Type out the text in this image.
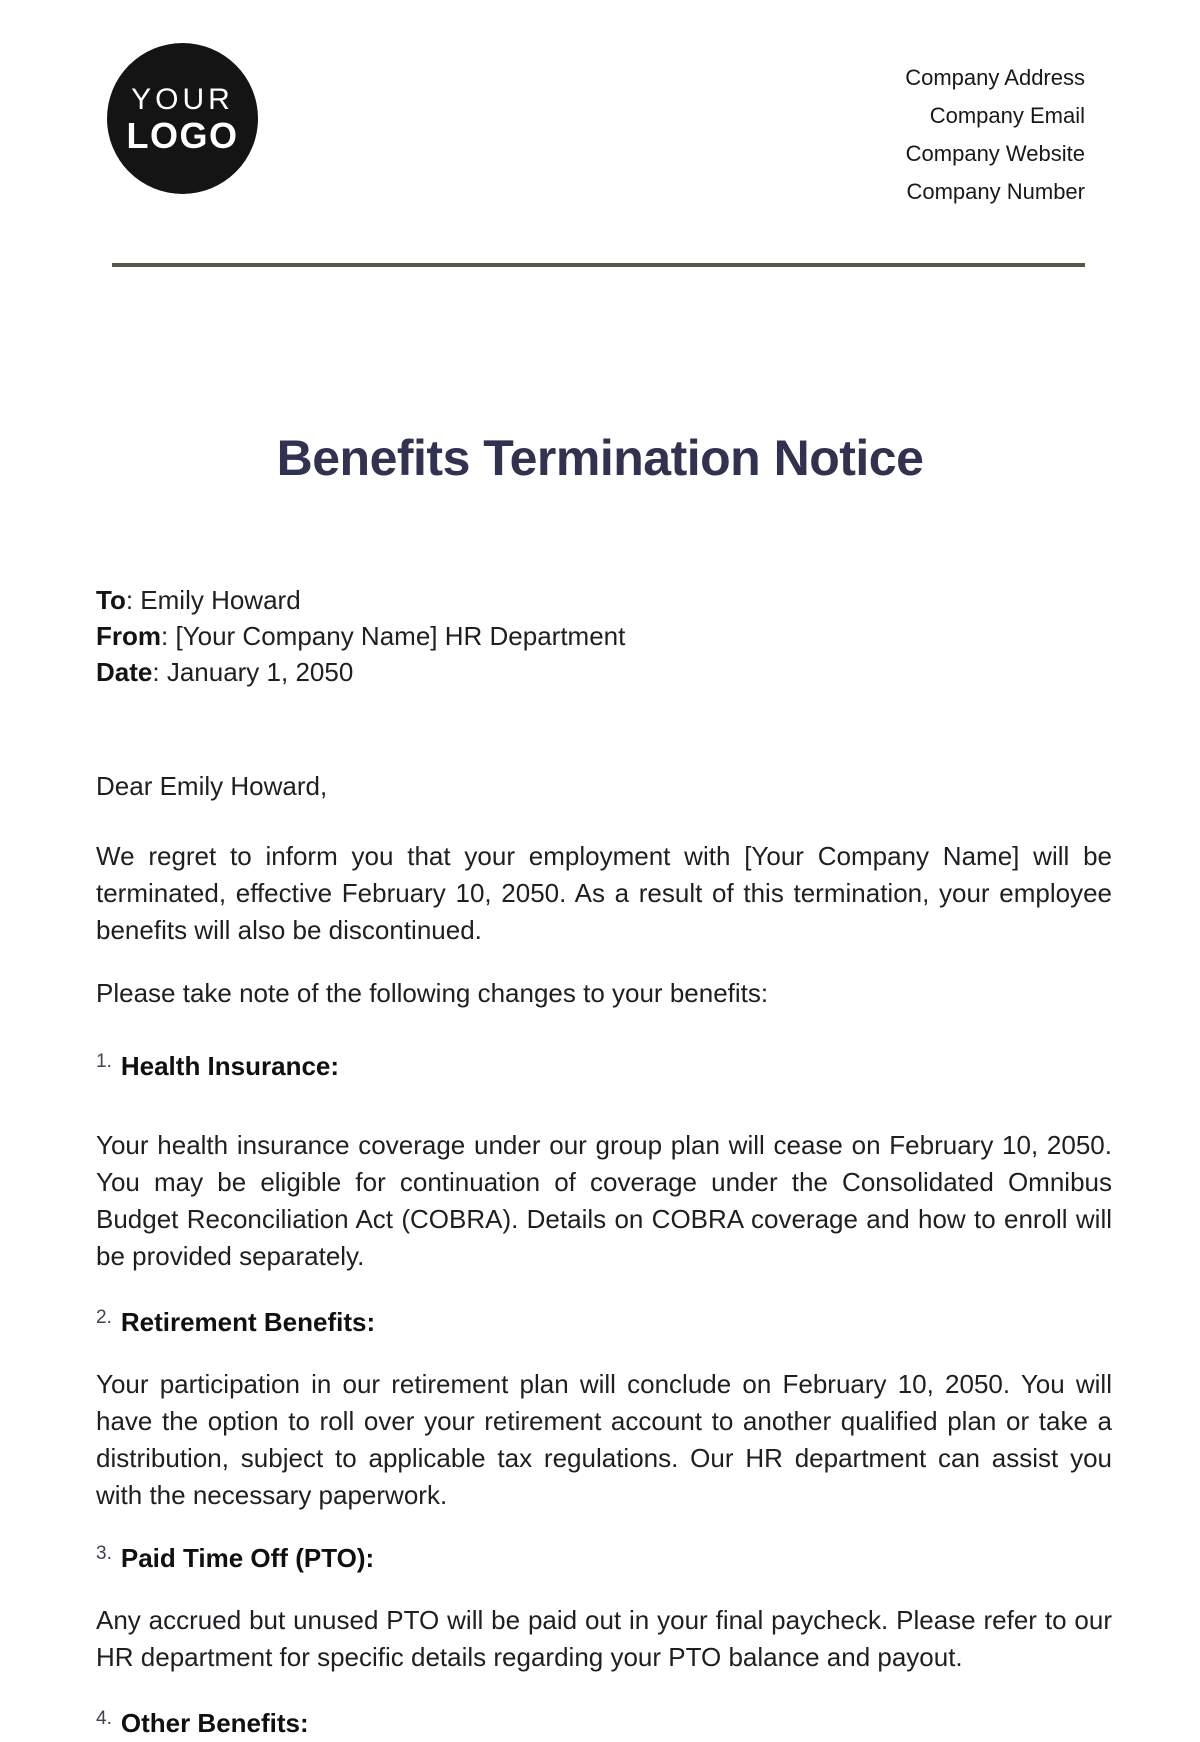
YOUR
LOGO
Company Address
Company Email
Company Website
Company Number
Benefits Termination Notice
To: Emily Howard
From: [Your Company Name] HR Department
Date: January 1, 2050
Dear Emily Howard,

We regret to inform you that your employment with [Your Company Name] will be terminated, effective February 10, 2050. As a result of this termination, your employee benefits will also be discontinued.

Please take note of the following changes to your benefits:

$^{1.}$ Health Insurance:

Your health insurance coverage under our group plan will cease on February 10, 2050. You may be eligible for continuation of coverage under the Consolidated Omnibus Budget Reconciliation Act (COBRA). Details on COBRA coverage and how to enroll will be provided separately.

$^{2.}$ Retirement Benefits:

Your participation in our retirement plan will conclude on February 10, 2050. You will have the option to roll over your retirement account to another qualified plan or take a distribution, subject to applicable tax regulations. Our HR department can assist you with the necessary paperwork.

$^{3.}$ Paid Time Off (PTO):

Any accrued but unused PTO will be paid out in your final paycheck. Please refer to our HR department for specific details regarding your PTO balance and payout.

$^{4.}$ Other Benefits:
